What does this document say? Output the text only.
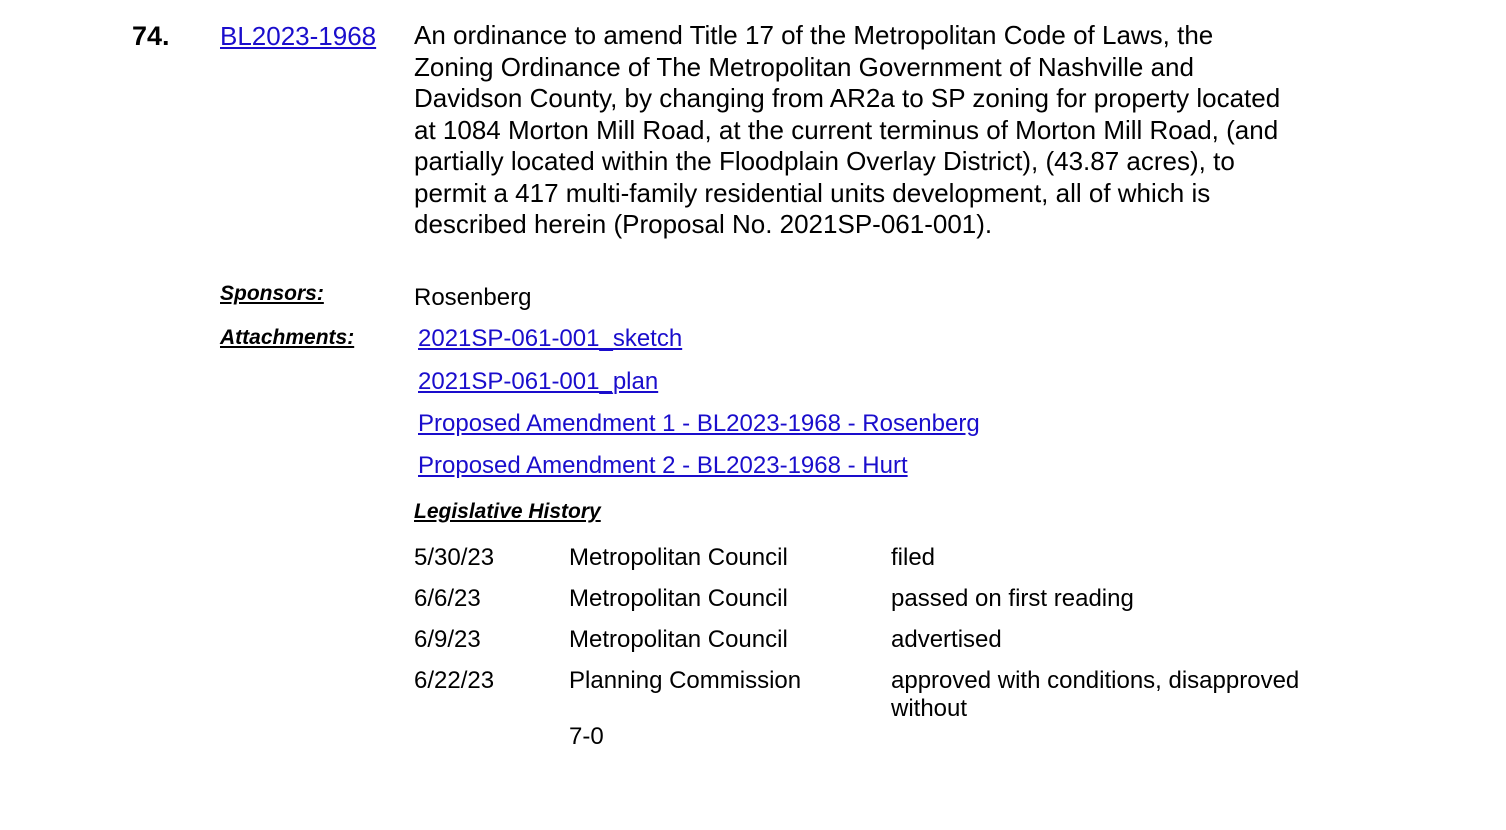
74. BL2023-1968 An ordinance to amend Title 17 of the Metropolitan Code of Laws, the Zoning Ordinance of The Metropolitan Government of Nashville and Davidson County, by changing from AR2a to SP zoning for property located at 1084 Morton Mill Road, at the current terminus of Morton Mill Road, (and partially located within the Floodplain Overlay District), (43.87 acres), to permit a 417 multi-family residential units development, all of which is described herein (Proposal No. 2021SP-061-001).
Sponsors:	Rosenberg
Attachments:	2021SP-061-001_sketch
2021SP-061-001_plan
Proposed Amendment 1 - BL2023-1968 - Rosenberg
Proposed Amendment 2 - BL2023-1968 - Hurt
Legislative History
5/30/23	Metropolitan Council	filed
6/6/23	Metropolitan Council	passed on first reading
6/9/23	Metropolitan Council	advertised
6/22/23	Planning Commission	approved with conditions, disapproved without
7-0
